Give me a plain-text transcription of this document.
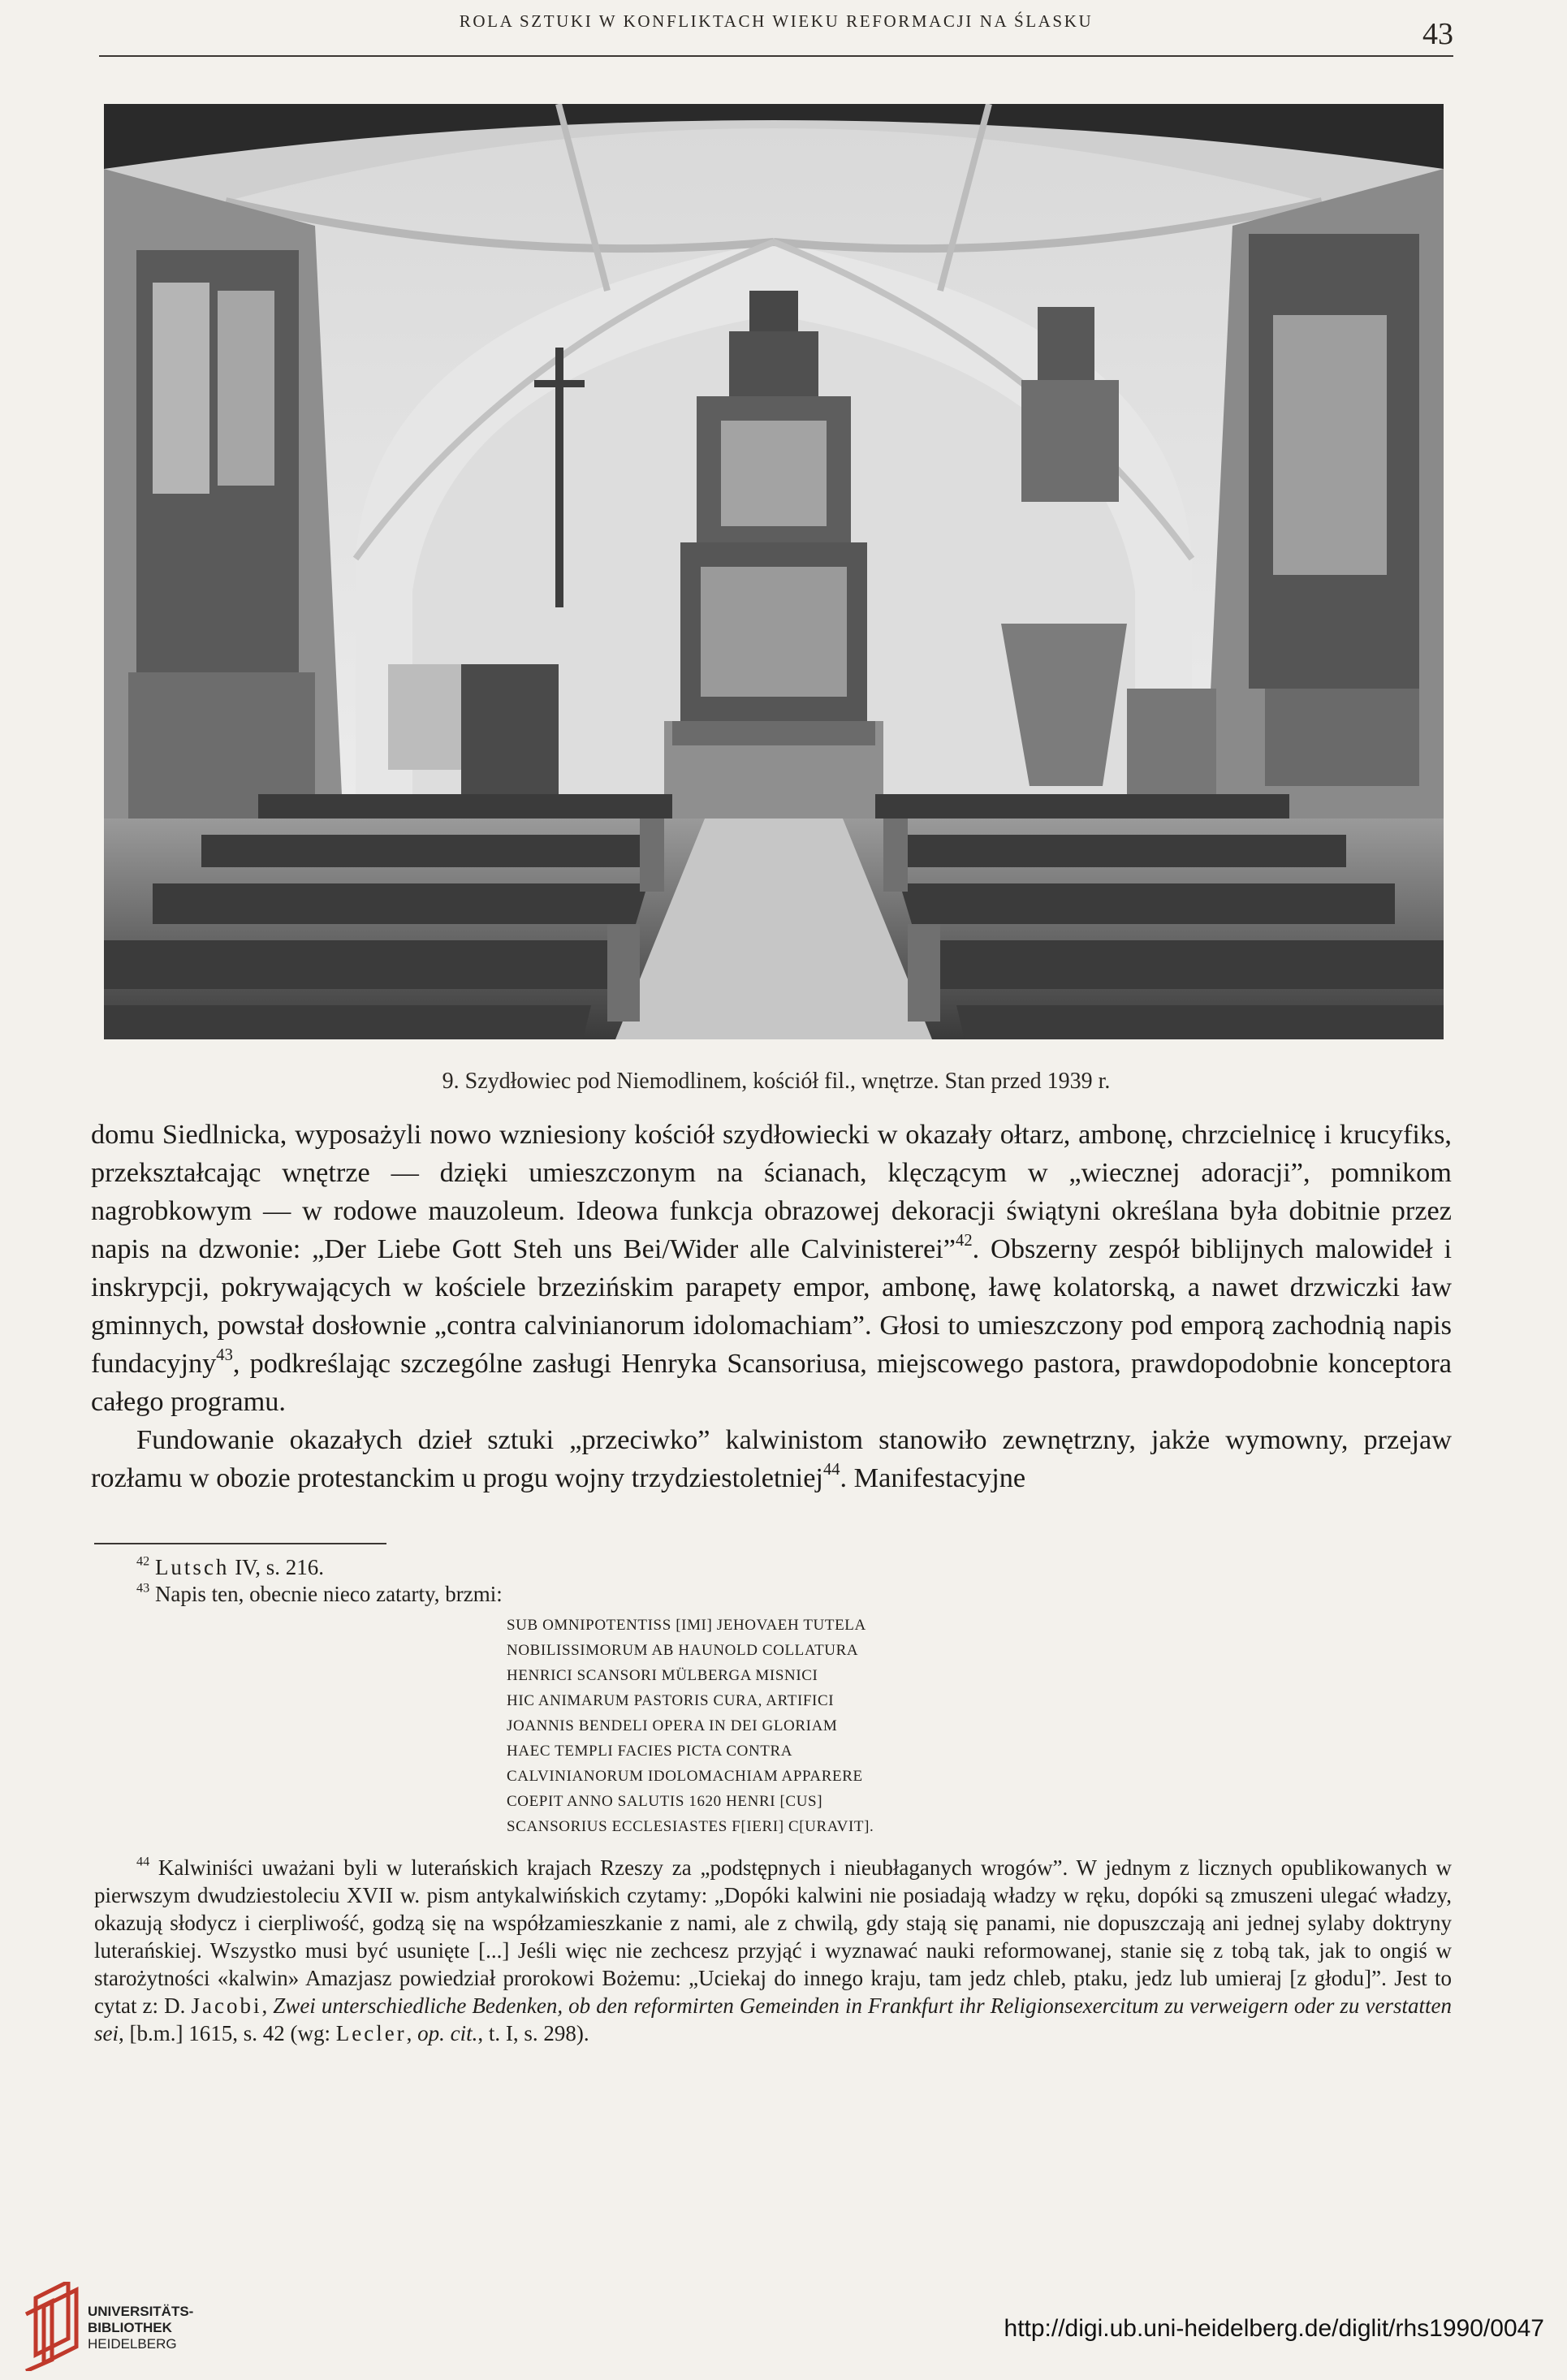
ROLA SZTUKI W KONFLIKTACH WIEKU REFORMACJI NA ŚLASKU	43
9. Szydłowiec pod Niemodlinem, kościół fil., wnętrze. Stan przed 1939 r.

domu Siedlnicka, wyposażyli nowo wzniesiony kościół szydłowiecki w okazały ołtarz, ambonę, chrzcielnicę i krucyfiks, przekształcając wnętrze — dzięki umieszczonym na ścianach, klęczącym w „wiecznej adoracji”, pomnikom nagrobkowym — w rodowe mauzoleum. Ideowa funkcja obrazowej dekoracji świątyni określana była dobitnie przez napis na dzwonie: „Der Liebe Gott Steh uns Bei/Wider alle Calvinisterei”$^{42}$. Obszerny zespół biblijnych malowideł i inskrypcji, pokrywających w kościele brzezińskim parapety empor, ambonę, ławę kolatorską, a nawet drzwiczki ław gminnych, powstał dosłownie „contra calvinianorum idolomachiam”. Głosi to umieszczony pod emporą zachodnią napis fundacyjny$^{43}$, podkreślając szczególne zasługi Henryka Scansoriusa, miejscowego pastora, prawdopodobnie konceptora całego programu.

Fundowanie okazałych dzieł sztuki „przeciwko” kalwinistom stanowiło zewnętrzny, jakże wymowny, przejaw rozłamu w obozie protestanckim u progu wojny trzydziestoletniej$^{44}$. Manifestacyjne

$^{42}$ Lutsch IV, s. 216.

$^{43}$ Napis ten, obecnie nieco zatarty, brzmi:

SUB OMNIPOTENTISS [IMI] JEHOVAEH TUTELA
NOBILISSIMORUM AB HAUNOLD COLLATURA
HENRICI SCANSORI MÜLBERGA MISNICI
HIC ANIMARUM PASTORIS CURA, ARTIFICI
JOANNIS BENDELI OPERA IN DEI GLORIAM
HAEC TEMPLI FACIES PICTA CONTRA
CALVINIANORUM IDOLOMACHIAM APPARERE
COEPIT ANNO SALUTIS 1620 HENRI [CUS]
SCANSORIUS ECCLESIASTES F[IERI] C[URAVIT].

$^{44}$ Kalwiniści uważani byli w luterańskich krajach Rzeszy za „podstępnych i nieubłaganych wrogów”. W jednym z licznych opublikowanych w pierwszym dwudziestoleciu XVII w. pism antykalwińskich czytamy: „Dopóki kalwini nie posiadają władzy w ręku, dopóki są zmuszeni ulegać władzy, okazują słodycz i cierpliwość, godzą się na współzamieszkanie z nami, ale z chwilą, gdy stają się panami, nie dopuszczają ani jednej sylaby doktryny luterańskiej. Wszystko musi być usunięte [...] Jeśli więc nie zechcesz przyjąć i wyznawać nauki reformowanej, stanie się z tobą tak, jak to ongiś w starożytności «kalwin» Amazjasz powiedział prorokowi Bożemu: „Uciekaj do innego kraju, tam jedz chleb, ptaku, jedz lub umieraj [z głodu]”. Jest to cytat z: D. Jacobi, Zwei unterschiedliche Bedenken, ob den reformirten Gemeinden in Frankfurt ihr Religionsexercitum zu verweigern oder zu verstatten sei, [b.m.] 1615, s. 42 (wg: Lecler, op. cit., t. I, s. 298).

UNIVERSITÄTS-
BIBLIOTHEK
HEIDELBERG
http://digi.ub.uni-heidelberg.de/diglit/rhs1990/0047
